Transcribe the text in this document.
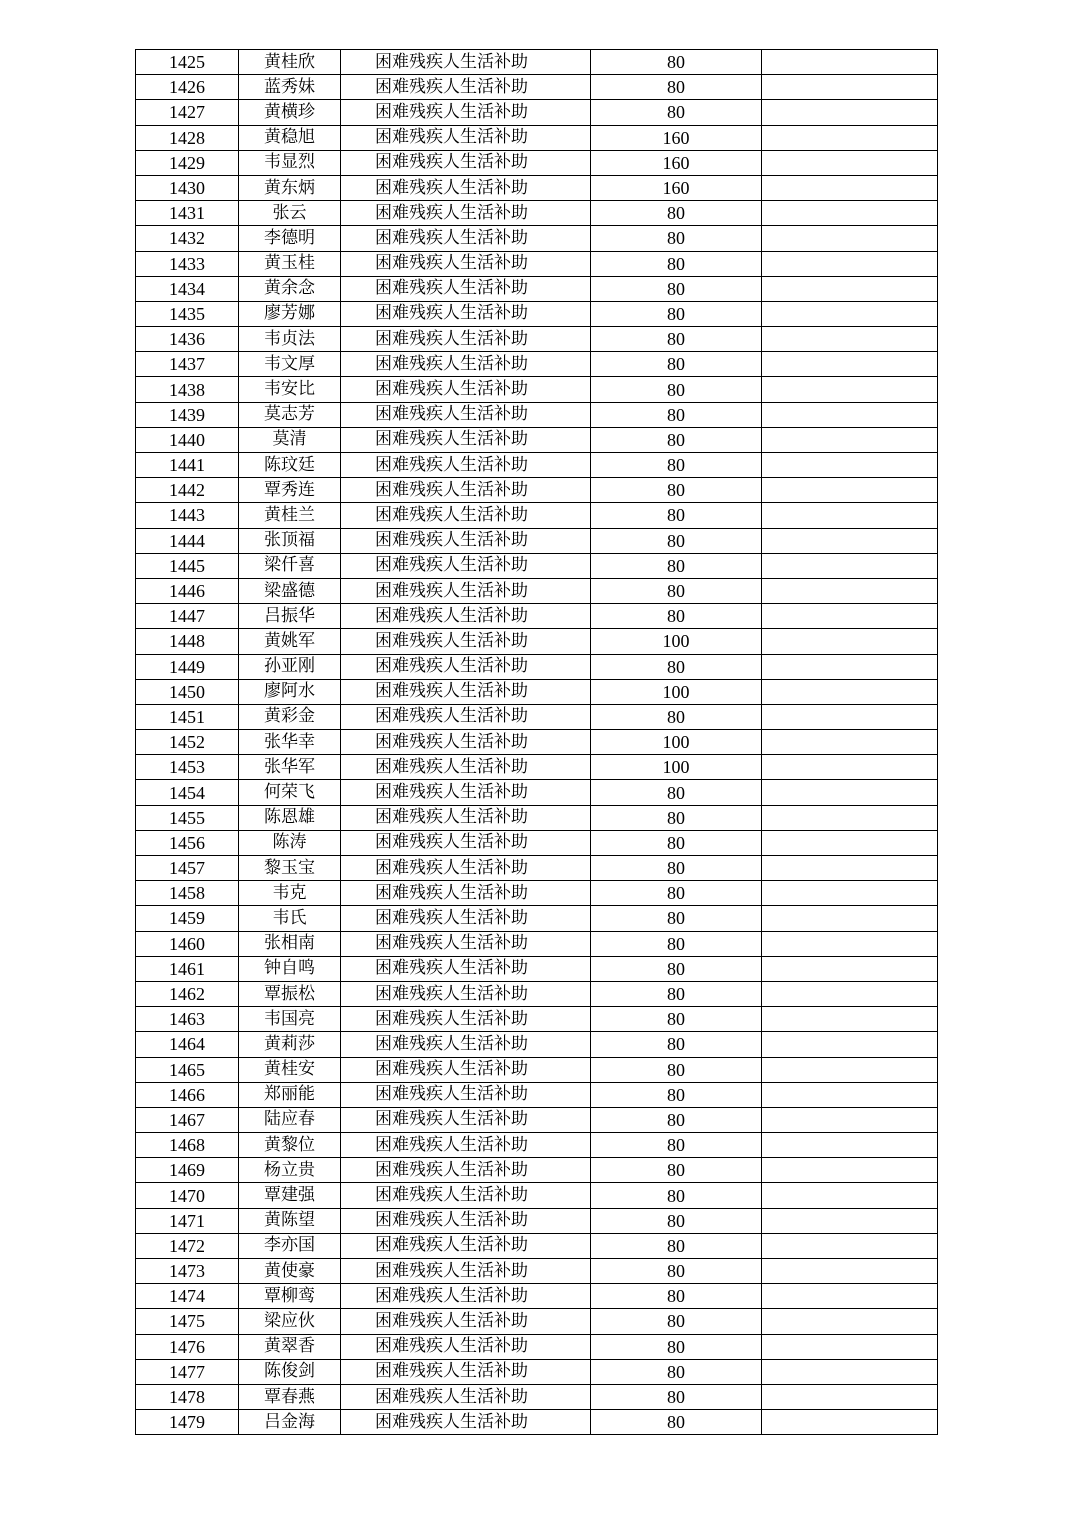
1425	黄桂欣	困难残疾人生活补助	80	
1426	蓝秀妹	困难残疾人生活补助	80	
1427	黄横珍	困难残疾人生活补助	80	
1428	黄稳旭	困难残疾人生活补助	160	
1429	韦显烈	困难残疾人生活补助	160	
1430	黄东炳	困难残疾人生活补助	160	
1431	张云	困难残疾人生活补助	80	
1432	李德明	困难残疾人生活补助	80	
1433	黄玉桂	困难残疾人生活补助	80	
1434	黄余念	困难残疾人生活补助	80	
1435	廖芳娜	困难残疾人生活补助	80	
1436	韦贞法	困难残疾人生活补助	80	
1437	韦文厚	困难残疾人生活补助	80	
1438	韦安比	困难残疾人生活补助	80	
1439	莫志芳	困难残疾人生活补助	80	
1440	莫清	困难残疾人生活补助	80	
1441	陈玟廷	困难残疾人生活补助	80	
1442	覃秀连	困难残疾人生活补助	80	
1443	黄桂兰	困难残疾人生活补助	80	
1444	张顶福	困难残疾人生活补助	80	
1445	梁仟喜	困难残疾人生活补助	80	
1446	梁盛德	困难残疾人生活补助	80	
1447	吕振华	困难残疾人生活补助	80	
1448	黄姚军	困难残疾人生活补助	100	
1449	孙亚刚	困难残疾人生活补助	80	
1450	廖阿水	困难残疾人生活补助	100	
1451	黄彩金	困难残疾人生活补助	80	
1452	张华幸	困难残疾人生活补助	100	
1453	张华军	困难残疾人生活补助	100	
1454	何荣飞	困难残疾人生活补助	80	
1455	陈恩雄	困难残疾人生活补助	80	
1456	陈涛	困难残疾人生活补助	80	
1457	黎玉宝	困难残疾人生活补助	80	
1458	韦克	困难残疾人生活补助	80	
1459	韦氏	困难残疾人生活补助	80	
1460	张相南	困难残疾人生活补助	80	
1461	钟自鸣	困难残疾人生活补助	80	
1462	覃振松	困难残疾人生活补助	80	
1463	韦国亮	困难残疾人生活补助	80	
1464	黄莉莎	困难残疾人生活补助	80	
1465	黄桂安	困难残疾人生活补助	80	
1466	郑丽能	困难残疾人生活补助	80	
1467	陆应春	困难残疾人生活补助	80	
1468	黄黎位	困难残疾人生活补助	80	
1469	杨立贵	困难残疾人生活补助	80	
1470	覃建强	困难残疾人生活补助	80	
1471	黄陈望	困难残疾人生活补助	80	
1472	李亦国	困难残疾人生活补助	80	
1473	黄使豪	困难残疾人生活补助	80	
1474	覃柳鸾	困难残疾人生活补助	80	
1475	梁应伙	困难残疾人生活补助	80	
1476	黄翠香	困难残疾人生活补助	80	
1477	陈俊剑	困难残疾人生活补助	80	
1478	覃春燕	困难残疾人生活补助	80	
1479	吕金海	困难残疾人生活补助	80	
